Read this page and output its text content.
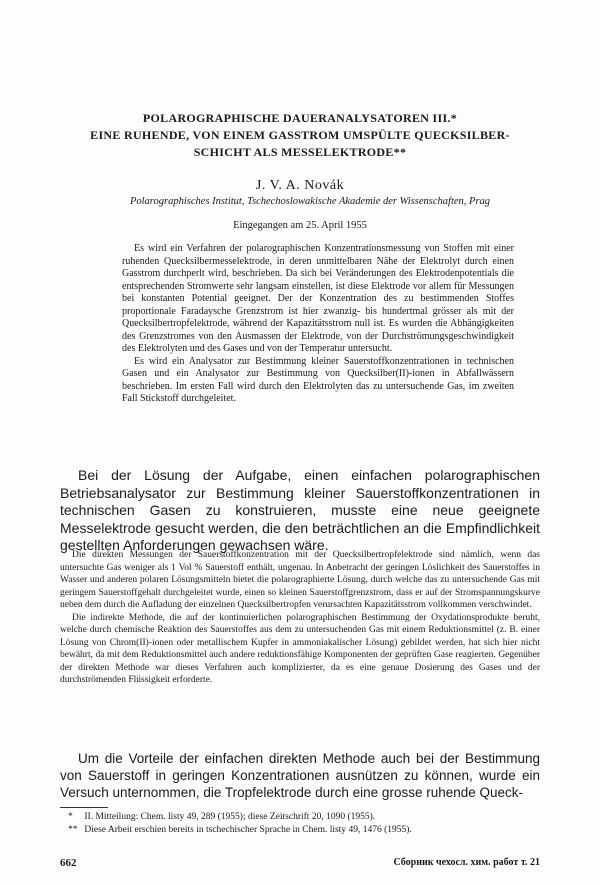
POLAROGRAPHISCHE DAUERANALYSATOREN III.*
EINE RUHENDE, VON EINEM GASSTROM UMSPÜLTE QUECKSILBER-
SCHICHT ALS MESSELEKTRODE**
J. V. A. Novák
Polarographisches Institut, Tschechoslowakische Akademie der Wissenschaften, Prag
Eingegangen am 25. April 1955

Es wird ein Verfahren der polarographischen Konzentrationsmessung von Stoffen mit einer ruhenden Quecksilbermesselektrode, in deren unmittelbaren Nähe der Elektrolyt durch einen Gasstrom durchperlt wird, beschrieben. Da sich bei Veränderungen des Elektrodenpotentials die entsprechenden Stromwerte sehr langsam einstellen, ist diese Elektrode vor allem für Messungen bei konstanten Potential geeignet. Der der Konzentration des zu bestimmenden Stoffes proportionale Faradaysche Grenzstrom ist hier zwanzig- bis hundertmal grösser als mit der Quecksilbertropfelektrode, während der Kapazitätsstrom null ist. Es wurden die Abhängigkeiten des Grenzstromes von den Ausmassen der Elektrode, von der Durchströmungsgeschwindigkeit des Elektrolyten und des Gases und von der Temperatur untersucht.

Es wird ein Analysator zur Bestimmung kleiner Sauerstoffkonzentrationen in technischen Gasen und ein Analysator zur Bestimmung von Quecksilber(II)-ionen in Abfallwässern beschrieben. Im ersten Fall wird durch den Elektrolyten das zu untersuchende Gas, im zweiten Fall Stickstoff durchgeleitet.

Bei der Lösung der Aufgabe, einen einfachen polarographischen Betriebsanalysator zur Bestimmung kleiner Sauerstoffkonzentrationen in technischen Gasen zu konstruieren, musste eine neue geeignete Messelektrode gesucht werden, die den beträchtlichen an die Empfindlichkeit gestellten Anforderungen gewachsen wäre.

Die direkten Messungen der Sauerstoffkonzentration mit der Quecksilbertropfelektrode sind nämlich, wenn das untersuchte Gas weniger als 1 Vol % Sauerstoff enthält, ungenau. In Anbetracht der geringen Löslichkeit des Sauerstoffes in Wasser und anderen polaren Lösungsmitteln bietet die polarographierte Lösung, durch welche das zu untersuchende Gas mit geringem Sauerstoffgehalt durchgeleitet wurde, einen so kleinen Sauerstoffgrenzstrom, dass er auf der Stromspannungskurve neben dem durch die Aufladung der einzelnen Quecksilbertropfen verursachten Kapazitätsstrom vollkommen verschwindet.

Die indirekte Methode, die auf der kontinuierlichen polarographischen Bestimmung der Oxydationsprodukte beruht, welche durch chemische Reaktion des Sauerstoffes aus dem zu untersuchenden Gas mit einem Reduktionsmittel (z. B. einer Lösung von Chrom(II)-ionen oder metallischem Kupfer in ammoniakalischer Lösung) gebildet werden, hat sich hier nicht bewährt, da mit dem Reduktionsmittel auch andere reduktionsfähige Komponenten der geprüften Gase reagierten. Gegenüber der direkten Methode war dieses Verfahren auch komplizierter, da es eine genaue Dosierung des Gases und der durchströmenden Flüssigkeit erforderte.

Um die Vorteile der einfachen direkten Methode auch bei der Bestimmung von Sauerstoff in geringen Konzentrationen ausnützen zu können, wurde ein Versuch unternommen, die Tropfelektrode durch eine grosse ruhende Queck-

* II. Mitteilung: Chem. listy 49, 289 (1955); diese Zeitschrift 20, 1090 (1955).
** Diese Arbeit erschien bereits in tschechischer Sprache in Chem. listy 49, 1476 (1955).
662	Сборник чехосл. хим. работ т. 21
